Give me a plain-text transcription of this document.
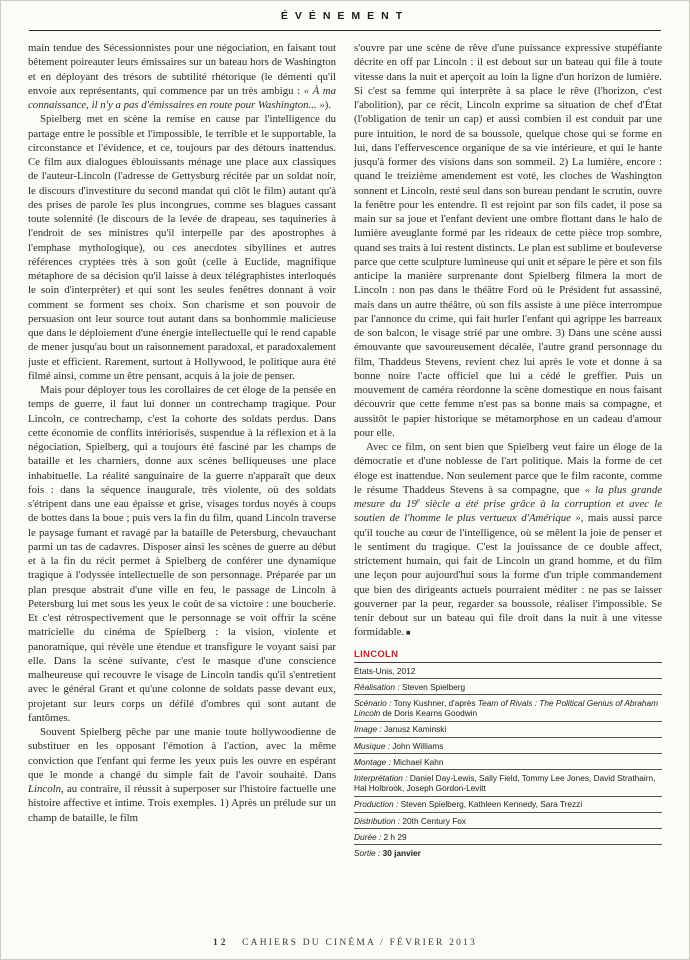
ÉVÉNEMENT

main tendue des Sécessionnistes pour une négociation, en faisant tout bêtement poireauter leurs émissaires sur un bateau hors de Washington et en déployant des trésors de subtilité rhétorique (le démenti qu'il envoie aux représentants, qui commence par un très ambigu : « À ma connaissance, il n'y a pas d'émissaires en route pour Washington... »).

Spielberg met en scène la remise en cause par l'intelligence du partage entre le possible et l'impossible, le terrible et le supportable, la circonstance et l'évidence, et ce, toujours par des détours inattendus. Ce film aux dialogues éblouissants ménage une place aux classiques de l'auteur-Lincoln (l'adresse de Gettysburg récitée par un soldat noir, le discours d'investiture du second mandat qui clôt le film) autant qu'à des prises de parole les plus incongrues, comme ses blagues cassant toute solennité (le discours de la levée de drapeau, ses taquineries à l'endroit de ses ministres qu'il interpelle par des apostrophes à l'emphase mythologique), ou ces anecdotes sibyllines et autres références cryptées très à son goût (celle à Euclide, magnifique métaphore de sa décision qu'il laisse à deux télégraphistes interloqués le soin d'interpréter) et qui sont les seules fenêtres donnant à voir comment se forment ses choix. Son charisme et son pouvoir de persuasion ont leur source tout autant dans sa bonhommie malicieuse que dans le déploiement d'une énergie intellectuelle qui le rend capable de mener jusqu'au bout un raisonnement paradoxal, et paradoxalement juste et efficient. Rarement, surtout à Hollywood, le politique aura été filmé ainsi, comme un être pensant, acquis à la joie de penser.

Mais pour déployer tous les corollaires de cet éloge de la pensée en temps de guerre, il faut lui donner un contrechamp tragique. Pour Lincoln, ce contrechamp, c'est la cohorte des soldats perdus. Dans cette économie de conflits intériorisés, suspendue à la réflexion et à la négociation, Spielberg, qui a toujours été fasciné par les champs de bataille et les charniers, donne aux scènes belliqueuses une place inhabituelle. La réalité sanguinaire de la guerre n'apparaît que deux fois : dans la séquence inaugurale, très violente, où des soldats s'étripent dans une eau épaisse et grise, visages tordus noyés à coups de bottes dans la boue ; puis vers la fin du film, quand Lincoln traverse le paysage fumant et ravagé par la bataille de Petersburg, chevauchant parmi un tas de cadavres. Disposer ainsi les scènes de guerre au début et à la fin du récit permet à Spielberg de conférer une dynamique tragique à l'odyssée intellectuelle de son personnage. Préparée par un plan presque abstrait d'une ville en feu, le passage de Lincoln à Petersburg lui met sous les yeux le coût de sa victoire : une boucherie. Et c'est rétrospectivement que le personnage se voit offrir la scène matricielle du cinéma de Spielberg : la vision, violente et panoramique, qui révèle une étendue et transfigure le voyant saisi par elle. Dans la scène suivante, c'est le masque d'une conscience malheureuse qui recouvre le visage de Lincoln tandis qu'il s'entretient avec le général Grant et qu'une colonne de soldats passe devant eux, projetant sur leurs corps un défilé d'ombres qui sont autant de fantômes.

Souvent Spielberg pêche par une manie toute hollywoodienne de substituer en les opposant l'émotion à l'action, avec la même conviction que l'enfant qui ferme les yeux puis les ouvre en espérant que le monde a changé du simple fait de l'avoir souhaité. Dans Lincoln, au contraire, il réussit à superposer sur l'histoire factuelle une histoire affective et intime. Trois exemples. 1) Après un prélude sur un champ de bataille, le film

s'ouvre par une scène de rêve d'une puissance expressive stupéfiante décrite en off par Lincoln : il est debout sur un bateau qui file à toute vitesse dans la nuit et aperçoit au loin la ligne d'un horizon de lumière. Si c'est sa femme qui interprète à sa place le rêve (l'horizon, c'est l'abolition), par ce récit, Lincoln exprime sa situation de chef d'État (l'obligation de tenir un cap) et aussi combien il est conduit par une pure intuition, le nord de sa boussole, quelque chose qui se forme en lui, dans l'effervescence organique de sa vie intérieure, et qui le hante jusqu'à former des visions dans son sommeil. 2) La lumière, encore : quand le treizième amendement est voté, les cloches de Washington sonnent et Lincoln, resté seul dans son bureau pendant le scrutin, ouvre la fenêtre pour les entendre. Il est rejoint par son fils cadet, il pose sa main sur sa joue et l'enfant devient une ombre flottant dans le halo de lumière aveuglante formé par les rideaux de cette pièce trop sombre, quand ses traits à lui restent distincts. Le plan est sublime et bouleverse parce que cette sculpture lumineuse qui unit et sépare le père et son fils anticipe la manière surprenante dont Spielberg filmera la mort de Lincoln : non pas dans le théâtre Ford où le Président fut assassiné, mais dans un autre théâtre, où son fils assiste à une pièce interrompue par l'annonce du crime, qui fait hurler l'enfant qui agrippe les barreaux de son balcon, le visage strié par une ombre. 3) Dans une scène aussi émouvante que savoureusement décalée, l'autre grand personnage du film, Thaddeus Stevens, revient chez lui après le vote et donne à sa bonne noire l'acte officiel que lui a cédé le greffier. Puis un mouvement de caméra réordonne la scène domestique en nous faisant découvrir que cette femme n'est pas sa bonne mais sa compagne, et aussitôt le papier historique se métamorphose en un cadeau d'amour pour elle.

Avec ce film, on sent bien que Spielberg veut faire un éloge de la démocratie et d'une noblesse de l'art politique. Mais la forme de cet éloge est inattendue. Non seulement parce que le film raconte, comme le résume Thaddeus Stevens à sa compagne, que « la plus grande mesure du 19e siècle a été prise grâce à la corruption et avec le soutien de l'homme le plus vertueux d'Amérique », mais aussi parce qu'il touche au cœur de l'intelligence, où se mêlent la joie de penser et le sentiment du tragique. C'est la jouissance de ce double affect, strictement humain, qui fait de Lincoln un grand homme, et du film une leçon pour aujourd'hui sous la forme d'un triple commandement que bien des dirigeants actuels pourraient méditer : ne pas se laisser gouverner par la peur, regarder sa boussole, réaliser l'impossible. Se tenir debout sur un bateau qui file droit dans la nuit à une vitesse formidable. ■

LINCOLN
États-Unis, 2012
Réalisation : Steven Spielberg
Scénario : Tony Kushner, d'après Team of Rivals : The Political Genius of Abraham Lincoln de Doris Kearns Goodwin
Image : Janusz Kaminski
Musique : John Williams
Montage : Michael Kahn
Interprétation : Daniel Day-Lewis, Sally Field, Tommy Lee Jones, David Strathairn, Hal Holbrook, Joseph Gordon-Levitt
Production : Steven Spielberg, Kathleen Kennedy, Sara Trezzi
Distribution : 20th Century Fox
Durée : 2 h 29
Sortie : 30 janvier
12 CAHIERS DU CINÉMA / FÉVRIER 2013
